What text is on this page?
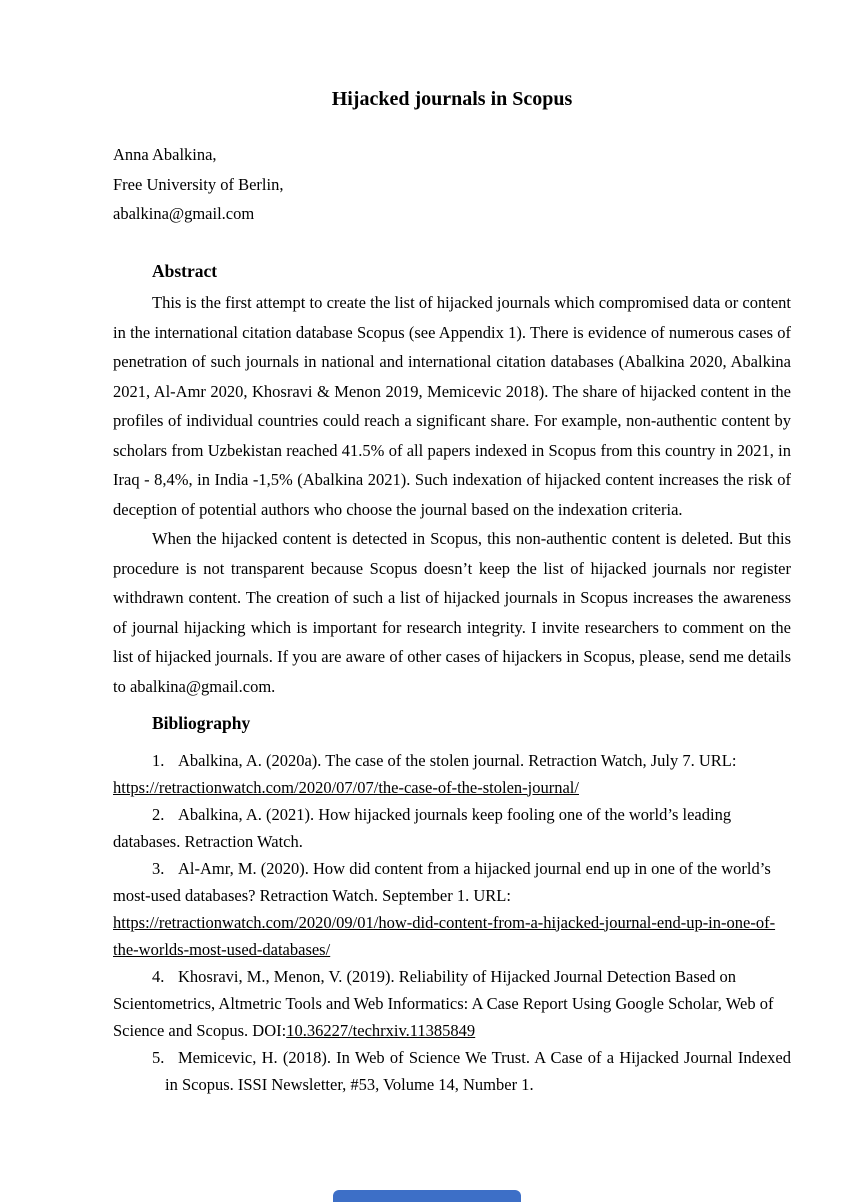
Hijacked journals in Scopus

Anna Abalkina,

Free University of Berlin,

abalkina@gmail.com

Abstract

This is the first attempt to create the list of hijacked journals which compromised data or content in the international citation database Scopus (see Appendix 1). There is evidence of numerous cases of penetration of such journals in national and international citation databases (Abalkina 2020, Abalkina 2021, Al-Amr 2020, Khosravi & Menon 2019, Memicevic 2018). The share of hijacked content in the profiles of individual countries could reach a significant share. For example, non-authentic content by scholars from Uzbekistan reached 41.5% of all papers indexed in Scopus from this country in 2021, in Iraq - 8,4%, in India -1,5% (Abalkina 2021). Such indexation of hijacked content increases the risk of deception of potential authors who choose the journal based on the indexation criteria.

When the hijacked content is detected in Scopus, this non-authentic content is deleted. But this procedure is not transparent because Scopus doesn’t keep the list of hijacked journals nor register withdrawn content. The creation of such a list of hijacked journals in Scopus increases the awareness of journal hijacking which is important for research integrity. I invite researchers to comment on the list of hijacked journals. If you are aware of other cases of hijackers in Scopus, please, send me details to abalkina@gmail.com.

Bibliography

1. Abalkina, A. (2020a). The case of the stolen journal. Retraction Watch, July 7. URL: https://retractionwatch.com/2020/07/07/the-case-of-the-stolen-journal/

2. Abalkina, A. (2021). How hijacked journals keep fooling one of the world’s leading databases. Retraction Watch.

3. Al-Amr, M. (2020). How did content from a hijacked journal end up in one of the world’s most-used databases? Retraction Watch. September 1. URL: https://retractionwatch.com/2020/09/01/how-did-content-from-a-hijacked-journal-end-up-in-one-of-the-worlds-most-used-databases/

4. Khosravi, M., Menon, V. (2019). Reliability of Hijacked Journal Detection Based on Scientometrics, Altmetric Tools and Web Informatics: A Case Report Using Google Scholar, Web of Science and Scopus. DOI:10.36227/techrxiv.11385849

5. Memicevic, H. (2018). In Web of Science We Trust. A Case of a Hijacked Journal Indexed in Scopus. ISSI Newsletter, #53, Volume 14, Number 1.
